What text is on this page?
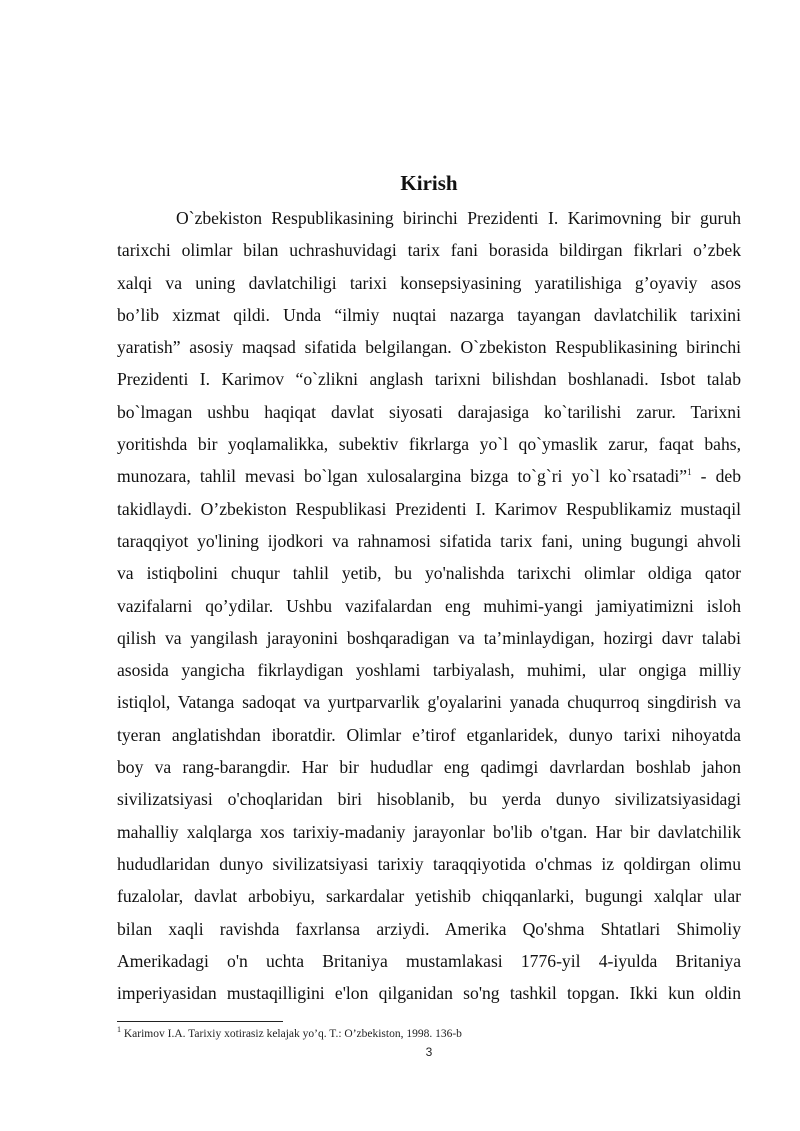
Kirish
O`zbekiston Respublikasining birinchi Prezidenti I. Karimovning bir guruh
tarixchi olimlar bilan uchrashuvidagi tarix fani borasida bildirgan fikrlari o’zbek
xalqi va uning davlatchiligi tarixi konsepsiyasining yaratilishiga g’oyaviy asos
bo’lib xizmat qildi. Unda “ilmiy nuqtai nazarga tayangan davlatchilik tarixini
yaratish” asosiy maqsad sifatida belgilangan. O`zbekiston Respublikasining birinchi
Prezidenti I. Karimov “o`zlikni anglash tarixni bilishdan boshlanadi. Isbot talab
bo`lmagan ushbu haqiqat davlat siyosati darajasiga ko`tarilishi zarur. Tarixni
yoritishda bir yoqlamalikka, subektiv fikrlarga yo`l qo`ymaslik zarur, faqat bahs,
munozara, tahlil mevasi bo`lgan xulosalargina bizga to`g`ri yo`l ko`rsatadi”$^1$ - deb
takidlaydi. O’zbekiston Respublikasi Prezidenti I. Karimov Respublikamiz mustaqil
taraqqiyot yo'lining ijodkori va rahnamosi sifatida tarix fani, uning bugungi ahvoli
va istiqbolini chuqur tahlil yetib, bu yo'nalishda tarixchi olimlar oldiga qator
vazifalarni qo’ydilar. Ushbu vazifalardan eng muhimi-yangi jamiyatimizni isloh
qilish va yangilash jarayonini boshqaradigan va ta’minlaydigan, hozirgi davr talabi
asosida yangicha fikrlaydigan yoshlami tarbiyalash, muhimi, ular ongiga milliy
istiqlol, Vatanga sadoqat va yurtparvarlik g'oyalarini yanada chuqurroq singdirish va
tyeran anglatishdan iboratdir. Olimlar e’tirof etganlaridek, dunyo tarixi nihoyatda
boy va rang-barangdir. Har bir hududlar eng qadimgi davrlardan boshlab jahon
sivilizatsiyasi o'choqlaridan biri hisoblanib, bu yerda dunyo sivilizatsiyasidagi
mahalliy xalqlarga xos tarixiy-madaniy jarayonlar bo'lib o'tgan. Har bir davlatchilik
hududlaridan dunyo sivilizatsiyasi tarixiy taraqqiyotida o'chmas iz qoldirgan olimu
fuzalolar, davlat arbobiyu, sarkardalar yetishib chiqqanlarki, bugungi xalqlar ular
bilan xaqli ravishda faxrlansa arziydi. Amerika Qo'shma Shtatlari Shimoliy
Amerikadagi o'n uchta Britaniya mustamlakasi 1776-yil 4-iyulda Britaniya
imperiyasidan mustaqilligini e'lon qilganidan so'ng tashkil topgan. Ikki kun oldin
$^1$ Karimov I.A. Tarixiy xotirasiz kelajak yo’q. T.: O’zbekiston, 1998. 136-b
3
